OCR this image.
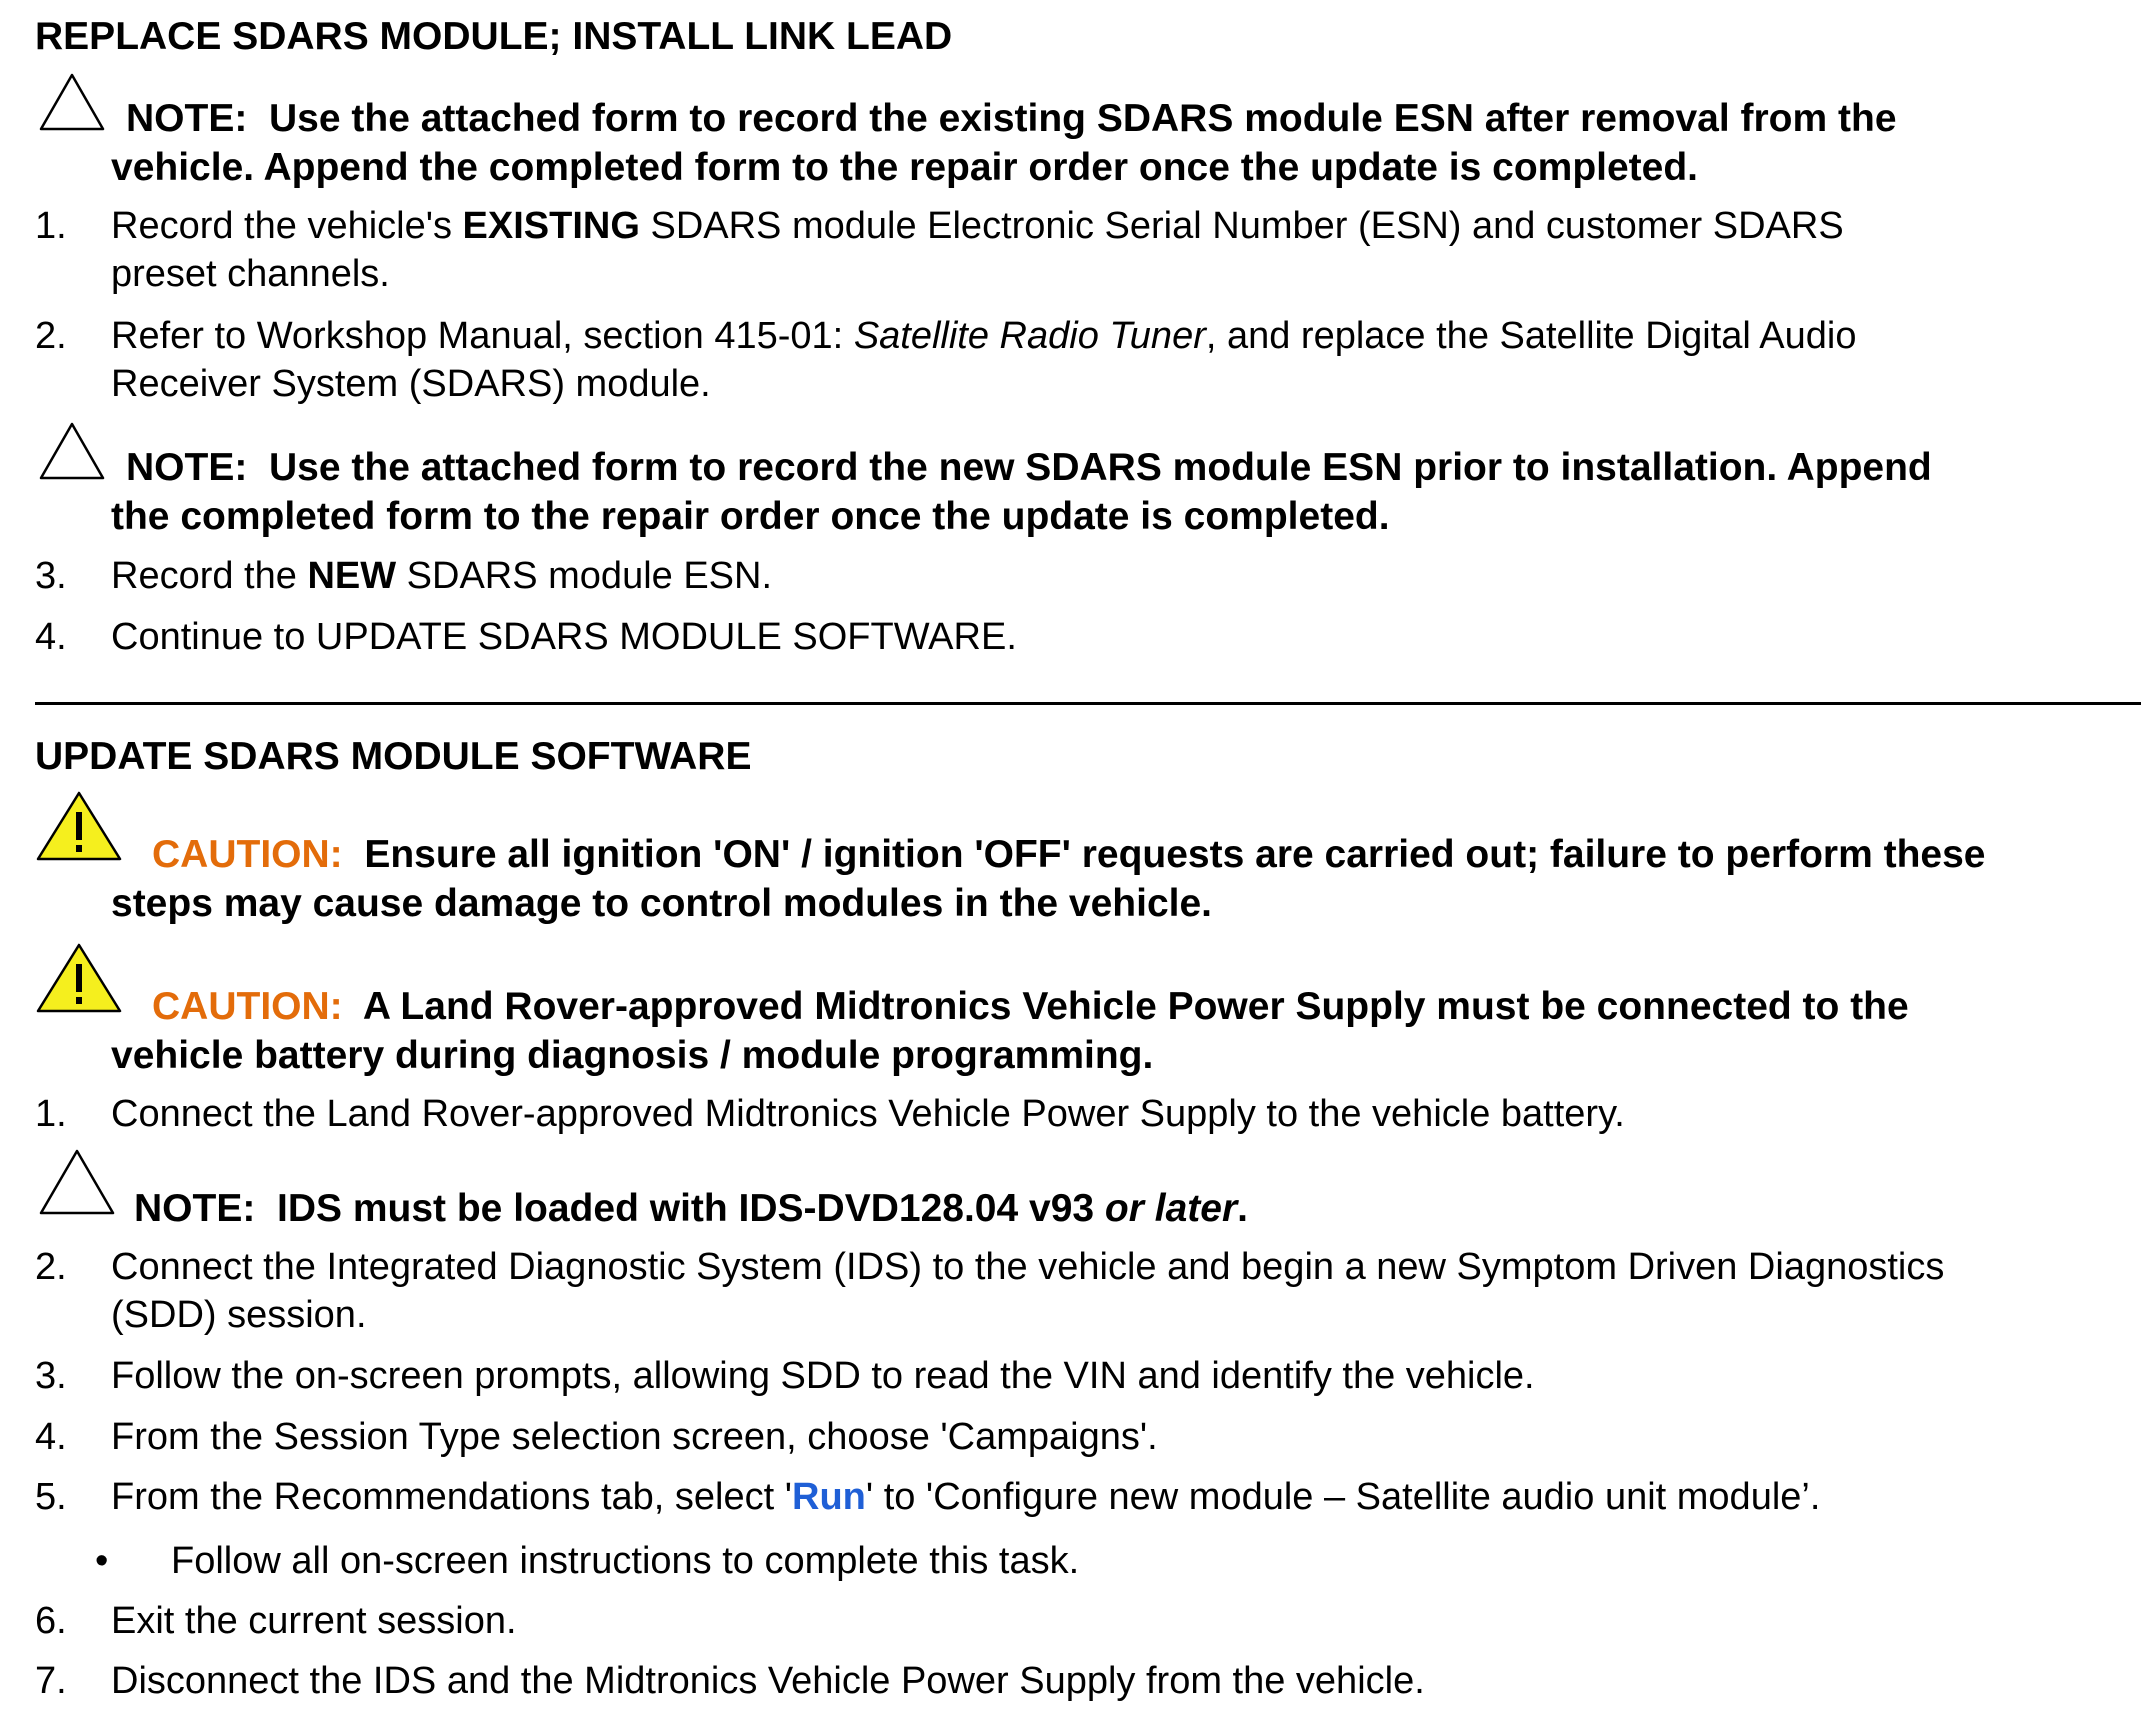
REPLACE SDARS MODULE; INSTALL LINK LEAD
NOTE: Use the attached form to record the existing SDARS module ESN after removal from the
vehicle. Append the completed form to the repair order once the update is completed.
1. Record the vehicle's EXISTING SDARS module Electronic Serial Number (ESN) and customer SDARS
preset channels.
2. Refer to Workshop Manual, section 415-01: Satellite Radio Tuner, and replace the Satellite Digital Audio
Receiver System (SDARS) module.
NOTE: Use the attached form to record the new SDARS module ESN prior to installation. Append
the completed form to the repair order once the update is completed.
3. Record the NEW SDARS module ESN.
4. Continue to UPDATE SDARS MODULE SOFTWARE.
UPDATE SDARS MODULE SOFTWARE
CAUTION: Ensure all ignition 'ON' / ignition 'OFF' requests are carried out; failure to perform these
steps may cause damage to control modules in the vehicle.
CAUTION: A Land Rover-approved Midtronics Vehicle Power Supply must be connected to the
vehicle battery during diagnosis / module programming.
1. Connect the Land Rover-approved Midtronics Vehicle Power Supply to the vehicle battery.
NOTE: IDS must be loaded with IDS-DVD128.04 v93 or later.
2. Connect the Integrated Diagnostic System (IDS) to the vehicle and begin a new Symptom Driven Diagnostics
(SDD) session.
3. Follow the on-screen prompts, allowing SDD to read the VIN and identify the vehicle.
4. From the Session Type selection screen, choose 'Campaigns'.
5. From the Recommendations tab, select 'Run' to 'Configure new module – Satellite audio unit module’.
• Follow all on-screen instructions to complete this task.
6. Exit the current session.
7. Disconnect the IDS and the Midtronics Vehicle Power Supply from the vehicle.
